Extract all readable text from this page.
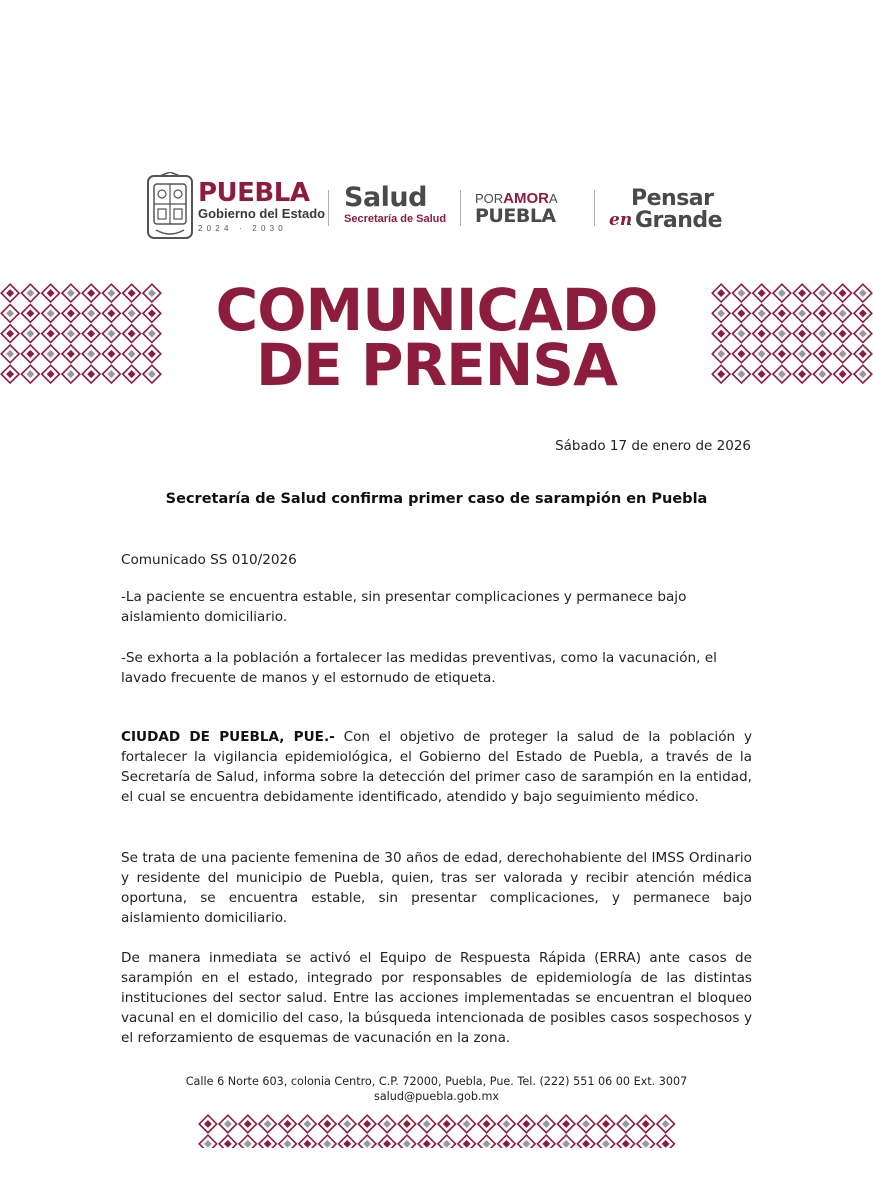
PUEBLA
Gobierno del Estado
2024 · 2030
Salud
Secretaría de Salud
PORAMORA
PUEBLA
Pensar
en Grande
COMUNICADO
DE PRENSA
Sábado 17 de enero de 2026
Secretaría de Salud confirma primer caso de sarampión en Puebla

Comunicado SS 010/2026

-La paciente se encuentra estable, sin presentar complicaciones y permanece bajo aislamiento domiciliario.

-Se exhorta a la población a fortalecer las medidas preventivas, como la vacunación, el lavado frecuente de manos y el estornudo de etiqueta.

CIUDAD DE PUEBLA, PUE.- Con el objetivo de proteger la salud de la población y fortalecer la vigilancia epidemiológica, el Gobierno del Estado de Puebla, a través de la Secretaría de Salud, informa sobre la detección del primer caso de sarampión en la entidad, el cual se encuentra debidamente identificado, atendido y bajo seguimiento médico.

Se trata de una paciente femenina de 30 años de edad, derechohabiente del IMSS Ordinario y residente del municipio de Puebla, quien, tras ser valorada y recibir atención médica oportuna, se encuentra estable, sin presentar complicaciones, y permanece bajo aislamiento domiciliario.

De manera inmediata se activó el Equipo de Respuesta Rápida (ERRA) ante casos de sarampión en el estado, integrado por responsables de epidemiología de las distintas instituciones del sector salud. Entre las acciones implementadas se encuentran el bloqueo vacunal en el domicilio del caso, la búsqueda intencionada de posibles casos sospechosos y el reforzamiento de esquemas de vacunación en la zona.

Calle 6 Norte 603, colonia Centro, C.P. 72000, Puebla, Pue. Tel. (222) 551 06 00 Ext. 3007
salud@puebla.gob.mx
